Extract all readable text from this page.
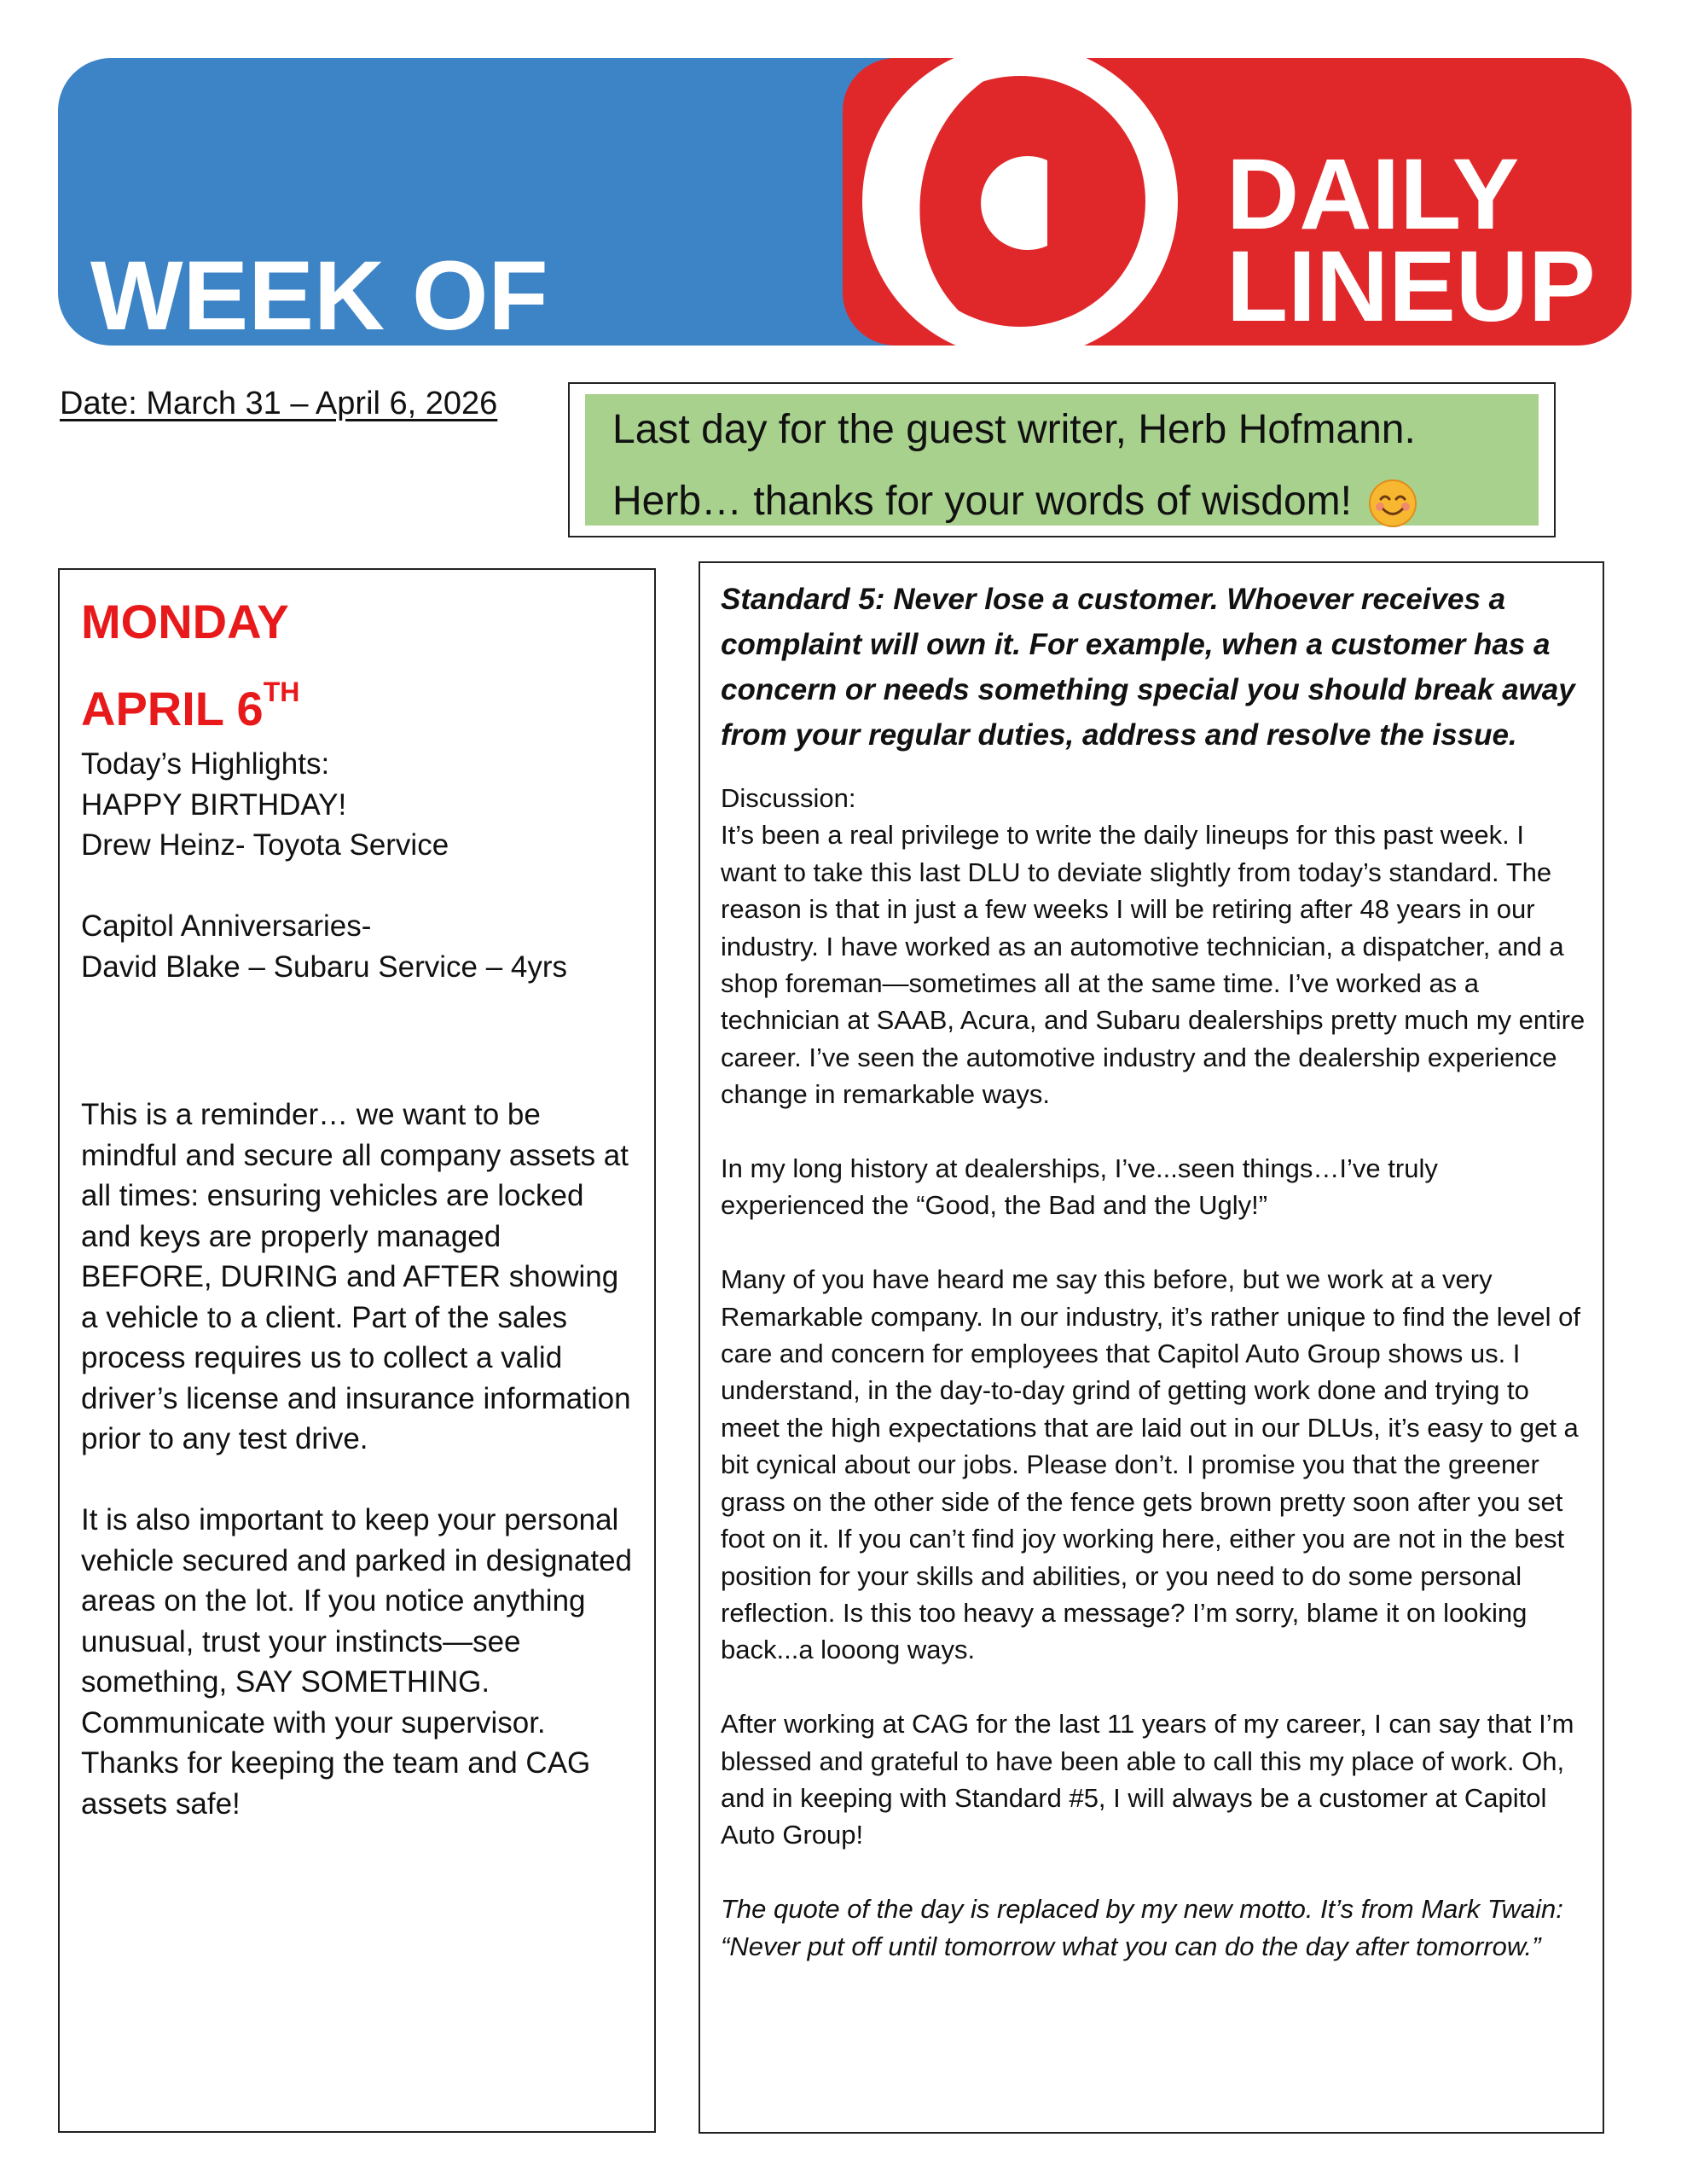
WEEK OF
DAILY
LINEUP
Date: March 31 – April 6, 2026
Last day for the guest writer, Herb Hofmann.
Herb… thanks for your words of wisdom!

MONDAY

APRIL 6TH

Today’s Highlights:
HAPPY BIRTHDAY!
Drew Heinz- Toyota Service
Capitol Anniversaries-
David Blake – Subaru Service – 4yrs

This is a reminder… we want to be mindful and secure all company assets at all times: ensuring vehicles are locked and keys are properly managed BEFORE, DURING and AFTER showing a vehicle to a client. Part of the sales process requires us to collect a valid driver’s license and insurance information prior to any test drive.

It is also important to keep your personal vehicle secured and parked in designated areas on the lot. If you notice anything unusual, trust your instincts—see something, SAY SOMETHING. Communicate with your supervisor. Thanks for keeping the team and CAG assets safe!

Standard 5: Never lose a customer. Whoever receives a complaint will own it. For example, when a customer has a concern or needs something special you should break away from your regular duties, address and resolve the issue.

Discussion:

It’s been a real privilege to write the daily lineups for this past week. I want to take this last DLU to deviate slightly from today’s standard. The reason is that in just a few weeks I will be retiring after 48 years in our industry. I have worked as an automotive technician, a dispatcher, and a shop foreman—sometimes all at the same time. I’ve worked as a technician at SAAB, Acura, and Subaru dealerships pretty much my entire career. I’ve seen the automotive industry and the dealership experience change in remarkable ways.

In my long history at dealerships, I’ve...seen things…I’ve truly experienced the “Good, the Bad and the Ugly!”

Many of you have heard me say this before, but we work at a very Remarkable company. In our industry, it’s rather unique to find the level of care and concern for employees that Capitol Auto Group shows us. I understand, in the day-to-day grind of getting work done and trying to meet the high expectations that are laid out in our DLUs, it’s easy to get a bit cynical about our jobs. Please don’t. I promise you that the greener grass on the other side of the fence gets brown pretty soon after you set foot on it. If you can’t find joy working here, either you are not in the best position for your skills and abilities, or you need to do some personal reflection. Is this too heavy a message? I’m sorry, blame it on looking back...a looong ways.

After working at CAG for the last 11 years of my career, I can say that I’m blessed and grateful to have been able to call this my place of work. Oh, and in keeping with Standard #5, I will always be a customer at Capitol Auto Group!

The quote of the day is replaced by my new motto. It’s from Mark Twain: “Never put off until tomorrow what you can do the day after tomorrow.”
